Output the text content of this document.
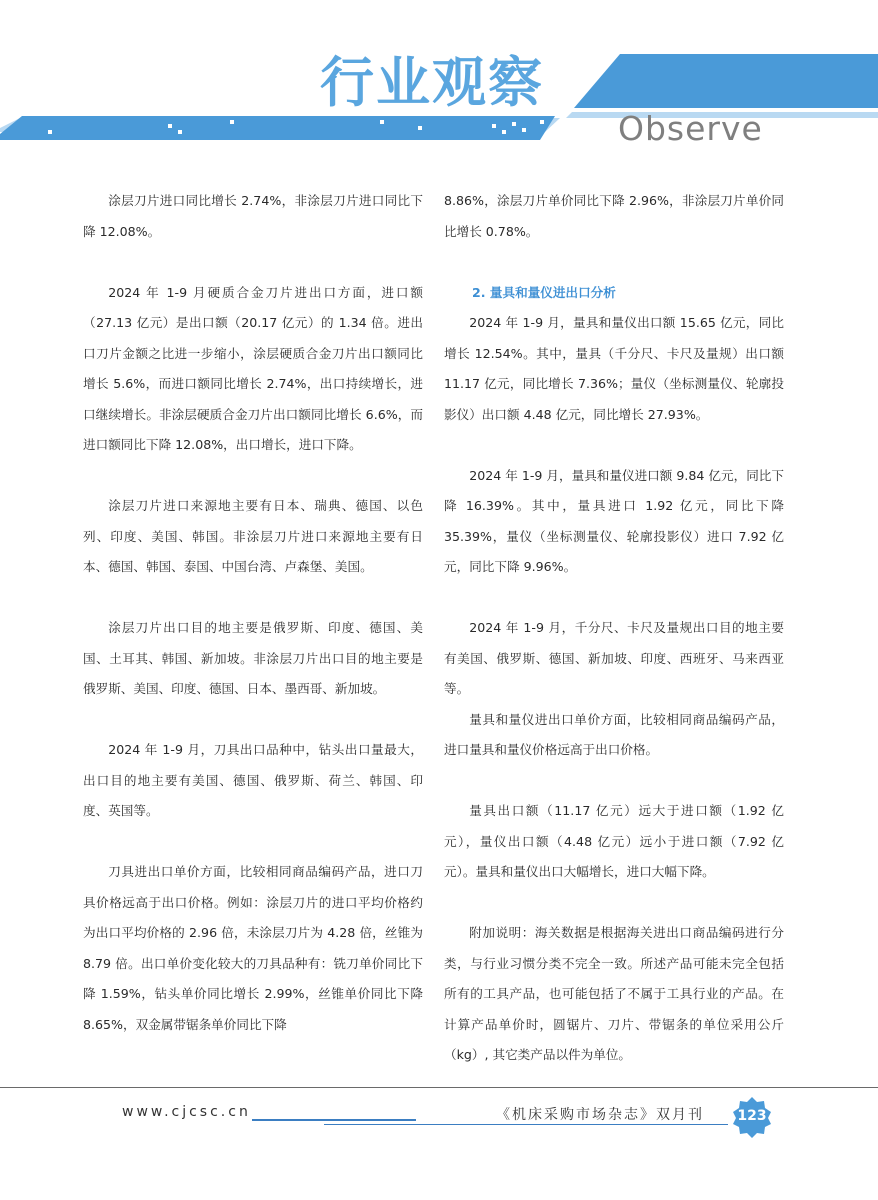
行业观察
Observe

涂层刀片进口同比增长 2.74%，非涂层刀片进口同比下降 12.08%。

2024 年 1-9 月硬质合金刀片进出口方面，进口额（27.13 亿元）是出口额（20.17 亿元）的 1.34 倍。进出口刀片金额之比进一步缩小，涂层硬质合金刀片出口额同比增长 5.6%，而进口额同比增长 2.74%，出口持续增长，进口继续增长。非涂层硬质合金刀片出口额同比增长 6.6%，而进口额同比下降 12.08%，出口增长，进口下降。

涂层刀片进口来源地主要有日本、瑞典、德国、以色列、印度、美国、韩国。非涂层刀片进口来源地主要有日本、德国、韩国、泰国、中国台湾、卢森堡、美国。

涂层刀片出口目的地主要是俄罗斯、印度、德国、美国、土耳其、韩国、新加坡。非涂层刀片出口目的地主要是俄罗斯、美国、印度、德国、日本、墨西哥、新加坡。

2024 年 1-9 月，刀具出口品种中，钻头出口量最大，出口目的地主要有美国、德国、俄罗斯、荷兰、韩国、印度、英国等。

刀具进出口单价方面，比较相同商品编码产品，进口刀具价格远高于出口价格。例如：涂层刀片的进口平均价格约为出口平均价格的 2.96 倍，未涂层刀片为 4.28 倍，丝锥为 8.79 倍。出口单价变化较大的刀具品种有：铣刀单价同比下降 1.59%，钻头单价同比增长 2.99%，丝锥单价同比下降 8.65%，双金属带锯条单价同比下降

8.86%，涂层刀片单价同比下降 2.96%，非涂层刀片单价同比增长 0.78%。

2. 量具和量仪进出口分析

2024 年 1-9 月，量具和量仪出口额 15.65 亿元，同比增长 12.54%。其中，量具（千分尺、卡尺及量规）出口额 11.17 亿元，同比增长 7.36%；量仪（坐标测量仪、轮廓投影仪）出口额 4.48 亿元，同比增长 27.93%。

2024 年 1-9 月，量具和量仪进口额 9.84 亿元，同比下降 16.39%。其中，量具进口 1.92 亿元，同比下降 35.39%，量仪（坐标测量仪、轮廓投影仪）进口 7.92 亿元，同比下降 9.96%。

2024 年 1-9 月，千分尺、卡尺及量规出口目的地主要有美国、俄罗斯、德国、新加坡、印度、西班牙、马来西亚等。

量具和量仪进出口单价方面，比较相同商品编码产品，进口量具和量仪价格远高于出口价格。

量具出口额（11.17 亿元）远大于进口额（1.92 亿元），量仪出口额（4.48 亿元）远小于进口额（7.92 亿元）。量具和量仪出口大幅增长，进口大幅下降。

附加说明：海关数据是根据海关进出口商品编码进行分类，与行业习惯分类不完全一致。所述产品可能未完全包括所有的工具产品，也可能包括了不属于工具行业的产品。在计算产品单价时，圆锯片、刀片、带锯条的单位采用公斤（kg）, 其它类产品以件为单位。

www.cjcsc.cn	《机床采购市场杂志》双月刊	123
